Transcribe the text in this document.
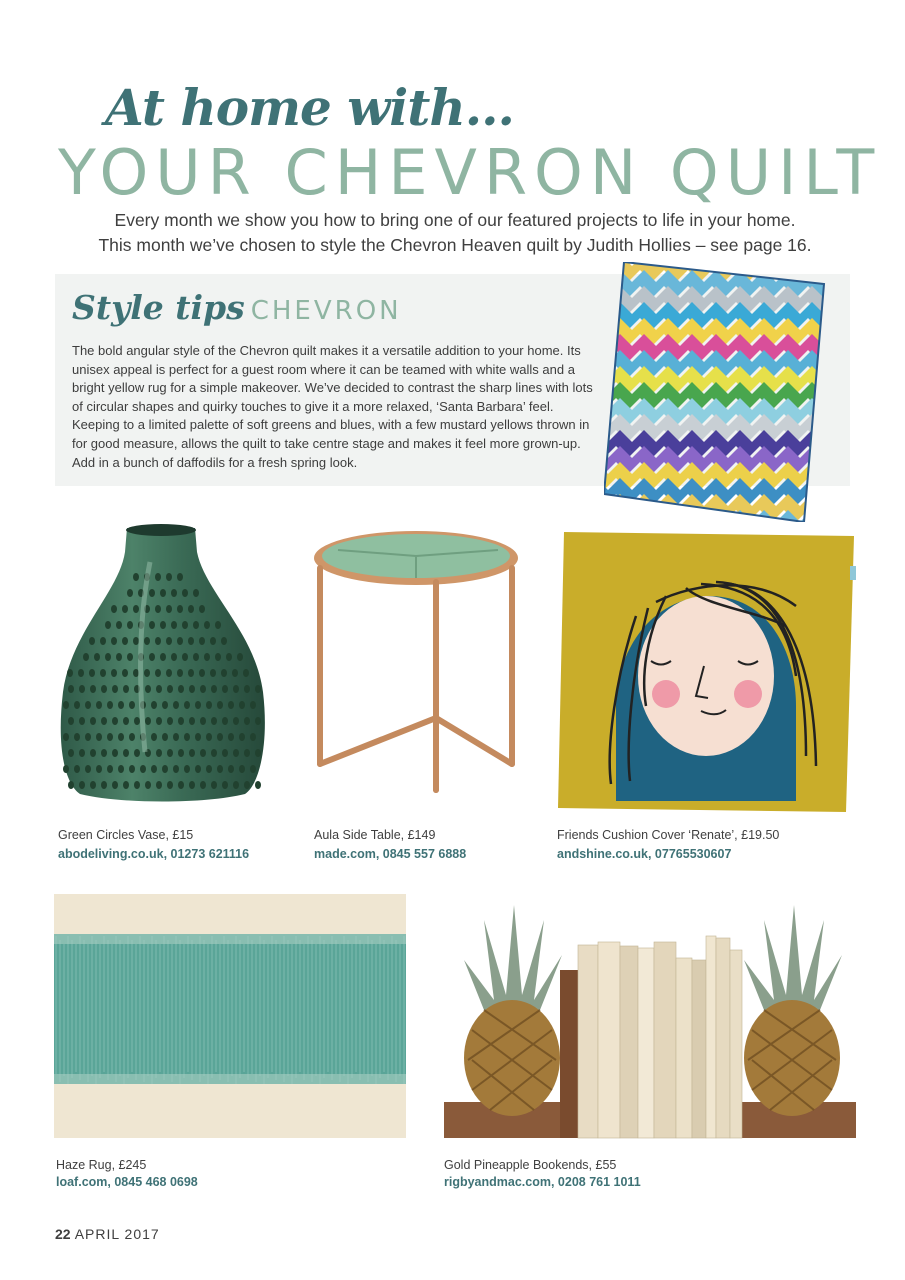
At home with...
YOUR CHEVRON QUILT
Every month we show you how to bring one of our featured projects to life in your home.
This month we’ve chosen to style the Chevron Heaven quilt by Judith Hollies – see page 16.
Style tips CHEVRON
The bold angular style of the Chevron quilt makes it a versatile addition to your home. Its unisex appeal is perfect for a guest room where it can be teamed with white walls and a bright yellow rug for a simple makeover. We’ve decided to contrast the sharp lines with lots of circular shapes and quirky touches to give it a more relaxed, ‘Santa Barbara’ feel. Keeping to a limited palette of soft greens and blues, with a few mustard yellows thrown in for good measure, allows the quilt to take centre stage and makes it feel more grown-up. Add in a bunch of daffodils for a fresh spring look.
Green Circles Vase, £15
abodeliving.co.uk, 01273 621116
Aula Side Table, £149
made.com, 0845 557 6888
Friends Cushion Cover ‘Renate’, £19.50
andshine.co.uk, 07765530607
Haze Rug, £245
loaf.com, 0845 468 0698
Gold Pineapple Bookends, £55
rigbyandmac.com, 0208 761 1011
22 APRIL 2017
